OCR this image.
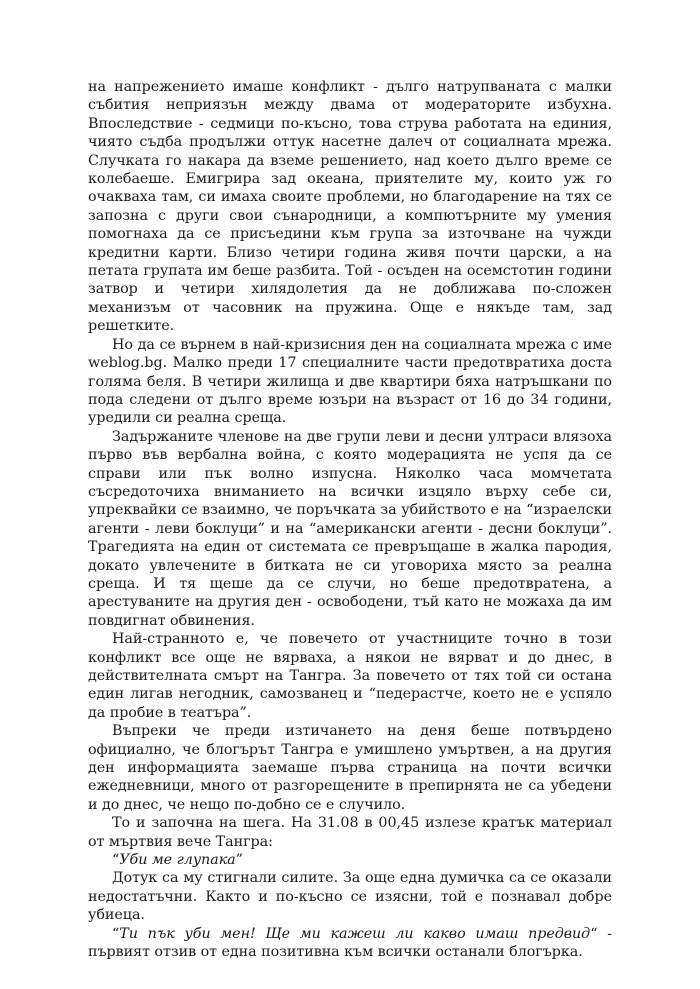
на напрежението имаше конфликт - дълго натрупваната с малки събития неприязън между двама от модераторите избухна. Впоследствие - седмици по-късно, това струва работата на единия, чиято съдба продължи оттук насетне далеч от социалната мрежа. Случката го накара да вземе решението, над което дълго време се колебаеше. Емигрира зад океана, приятелите му, които уж го очакваха там, си имаха своите проблеми, но благодарение на тях се запозна с други свои сънародници, а компютърните му умения помогнаха да се присъедини към група за източване на чужди кредитни карти. Близо четири година живя почти царски, а на петата групата им беше разбита. Той - осъден на осемстотин години затвор и четири хилядолетия да не доближава по-сложен механизъм от часовник на пружина. Още е някъде там, зад решетките.

Но да се върнем в най-кризисния ден на социалната мрежа с име weblog.bg. Малко преди 17 специалните части предотвратиха доста голяма беля. В четири жилища и две квартири бяха натръшкани по пода следени от дълго време юзъри на възраст от 16 до 34 години, уредили си реална среща.

Задържаните членове на две групи леви и десни ултраси влязоха първо във вербална война, с която модерацията не успя да се справи или пък волно изпусна. Няколко часа момчетата съсредоточиха вниманието на всички изцяло върху себе си, упреквайки се взаимно, че поръчката за убийството е на “израелски агенти - леви боклуци” и на “американски агенти - десни боклуци”. Трагедията на един от системата се превръщаше в жалка пародия, докато увлечените в битката не си уговориха място за реална среща. И тя щеше да се случи, но беше предотвратена, а арестуваните на другия ден - освободени, тъй като не можаха да им повдигнат обвинения.

Най-странното е, че повечето от участниците точно в този конфликт все още не вярваха, а някои не вярват и до днес, в действителната смърт на Тангра. За повечето от тях той си остана един лигав негодник, самозванец и “педерастче, което не е успяло да пробие в театъра”.

Въпреки че преди изтичането на деня беше потвърдено официално, че блогърът Тангра е умишлено умъртвен, а на другия ден информацията заемаше първа страница на почти всички ежедневници, много от разгорещените в препирнята не са убедени и до днес, че нещо по-добно се е случило.

То и започна на шега. На 31.08 в 00,45 излезе кратък материал от мъртвия вече Тангра:

“Уби ме глупака”

Дотук са му стигнали силите. За още една думичка са се оказали недостатъчни. Както и по-късно се изясни, той е познавал добре убиеца.

“Ти пък уби мен! Ще ми кажеш ли какво имаш предвид“ - първият отзив от една позитивна към всички останали блогърка.
